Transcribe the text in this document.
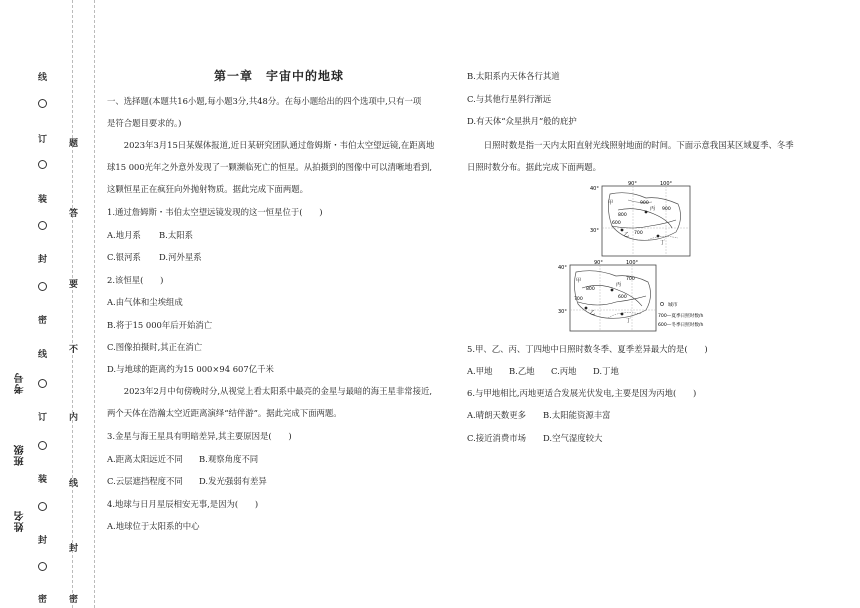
线
订
装
封
密
线
订
装
封
密
题
答
要
不
内
线
封
密
考号
班级
姓名
第一章　宇宙中的地球

一、选择题(本题共16小题,每小题3分,共48分。在每小题给出的四个选项中,只有一项

是符合题目要求的。)

　　2023年3月15日某媒体报道,近日某研究团队通过詹姆斯・韦伯太空望远镜,在距离地

球15 000光年之外意外发现了一颗濒临死亡的恒星。从拍摄到的图像中可以清晰地看到,

这颗恒星正在疯狂向外抛射物质。据此完成下面两题。

1.通过詹姆斯・韦伯太空望远镜发现的这一恒星位于(　　)

A.地月系 B.太阳系

C.银河系 D.河外星系

2.该恒星(　　)

A.由气体和尘埃组成

B.将于15 000年后开始消亡

C.图像拍摄时,其正在消亡

D.与地球的距离约为15 000×94 607亿千米

　　2023年2月中旬傍晚时分,从视觉上看太阳系中最亮的金星与最暗的海王星非常接近,

两个天体在浩瀚太空近距离演绎“结伴游”。据此完成下面两题。

3.金星与海王星具有明暗差异,其主要原因是(　　)

A.距离太阳远近不同 B.观察角度不同

C.云层遮挡程度不同 D.发光强弱有差异

4.地球与日月星辰相安无事,是因为(　　)

A.地球位于太阳系的中心

B.太阳系内天体各行其道

C.与其他行星斜行渐远

D.有天体“众星拱月”般的庇护

　　日照时数是指一天内太阳直射光线照射地面的时间。下面示意我国某区域夏季、冬季

日照时数分布。据此完成下面两题。

5.甲、乙、丙、丁四地中日照时数冬季、夏季差异最大的是(　　)

A.甲地 B.乙地 C.丙地 D.丁地

6.与甲地相比,丙地更适合发展光伏发电,主要是因为丙地(　　)

A.晴朗天数更多 B.太阳能资源丰富

C.接近消费市场 D.空气湿度较大

90°	100°
40°
30°
900
900
800
700
600
丙
乙
丁
甲
90°	100°
40°
30°
700
800
600
700
丙
乙
丁
甲
城市
700—夏季日照时数/h
600—冬季日照时数/h
